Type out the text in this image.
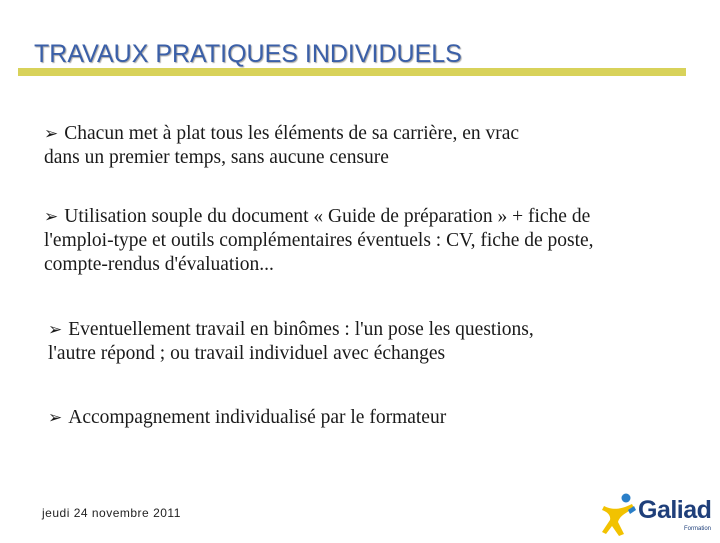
TRAVAUX PRATIQUES INDIVIDUELS
➢ Chacun met à plat tous les éléments de sa carrière, en vrac
dans un premier temps, sans aucune censure
➢ Utilisation souple du document « Guide de préparation » + fiche de
l'emploi-type et outils complémentaires éventuels : CV, fiche de poste,
compte-rendus d'évaluation...
➢ Eventuellement travail en binômes : l'un pose les questions,
l'autre répond ; ou travail individuel avec échanges
➢ Accompagnement individualisé par le formateur
jeudi 24 novembre 2011	Galiad
Formation
